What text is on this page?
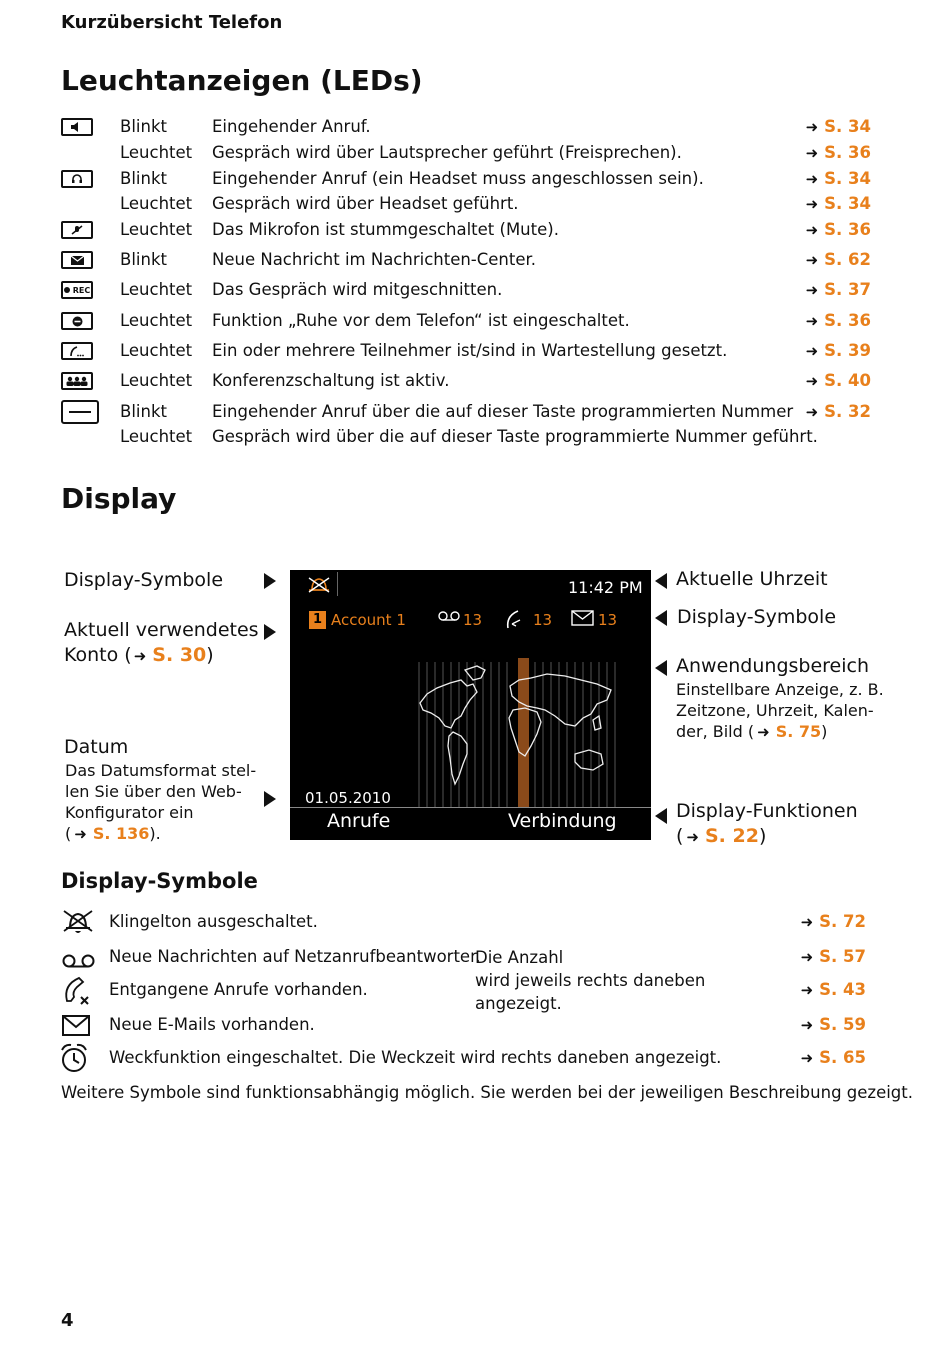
Kurzübersicht Telefon
Leuchtanzeigen (LEDs)
Blinkt	Eingehender Anruf.	➜ S. 34
Leuchtet Gespräch wird über Lautsprecher geführt (Freisprechen).	➜ S. 36
Blinkt	Eingehender Anruf (ein Headset muss angeschlossen sein).	➜ S. 34
Leuchtet Gespräch wird über Headset geführt.	➜ S. 34
Leuchtet Das Mikrofon ist stummgeschaltet (Mute).	➜ S. 36
Blinkt	Neue Nachricht im Nachrichten-Center.	➜ S. 62
REC Leuchtet Das Gespräch wird mitgeschnitten.	➜ S. 37
Leuchtet Funktion „Ruhe vor dem Telefon“ ist eingeschaltet.	➜ S. 36
Leuchtet Ein oder mehrere Teilnehmer ist/sind in Wartestellung gesetzt.	➜ S. 39
Leuchtet Konferenzschaltung ist aktiv.	➜ S. 40
Blinkt	Eingehender Anruf über die auf dieser Taste programmierten Nummer ➜ S. 32
Leuchtet Gespräch wird über die auf dieser Taste programmierte Nummer geführt.
Display
Display-Symbole
Aktuell verwendetes
Konto ( ➜ S. 30)
Datum
Das Datumsformat stel-
len Sie über den Web-
Konfigurator ein
( ➜ S. 136).
11:42 PM
1 Account 1	13	13	13
01.05.2010
Anrufe	Verbindung
Aktuelle Uhrzeit
Display-Symbole
Anwendungsbereich
Einstellbare Anzeige, z. B.
Zeitzone, Uhrzeit, Kalen-
der, Bild ( ➜ S. 75)
Display-Funktionen
( ➜ S. 22)
Display-Symbole
Klingelton ausgeschaltet.	➜ S. 72
Neue Nachrichten auf Netzanrufbeantworter.	➜ S. 57
Entgangene Anrufe vorhanden.	➜ S. 43
Neue E-Mails vorhanden.	➜ S. 59
Weckfunktion eingeschaltet. Die Weckzeit wird rechts daneben angezeigt.	➜ S. 65
Die Anzahl
wird jeweils rechts daneben
angezeigt.
Weitere Symbole sind funktionsabhängig möglich. Sie werden bei der jeweiligen Beschreibung gezeigt.
4
